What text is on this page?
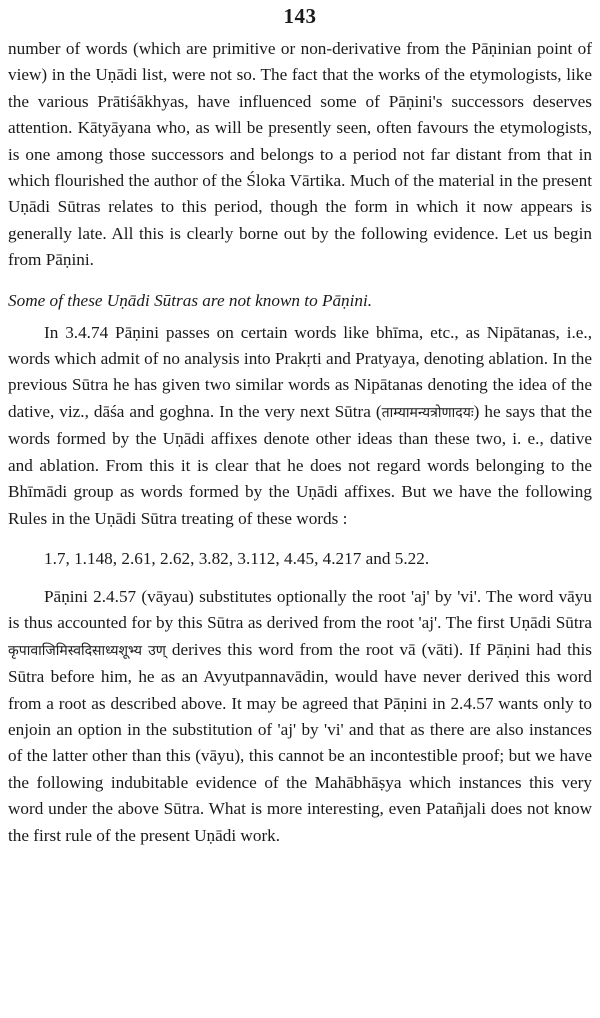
143

number of words (which are primitive or non-derivative from the Pāṇinian point of view) in the Uṇādi list, were not so. The fact that the works of the etymologists, like the various Prātiśākhyas, have influenced some of Pāṇini's successors deserves attention. Kātyāyana who, as will be presently seen, often favours the etymologists, is one among those successors and belongs to a period not far distant from that in which flourished the author of the Śloka Vārtika. Much of the material in the present Uṇādi Sūtras relates to this period, though the form in which it now appears is generally late. All this is clearly borne out by the following evidence. Let us begin from Pāṇini.

Some of these Uṇādi Sūtras are not known to Pāṇini.

In 3.4.74 Pāṇini passes on certain words like bhīma, etc., as Nipātanas, i.e., words which admit of no analysis into Prakṛti and Pratyaya, denoting ablation. In the previous Sūtra he has given two similar words as Nipātanas denoting the idea of the dative, viz., dāśa and goghna. In the very next Sūtra (ताम्यामन्यत्रोणादयः) he says that the words formed by the Uṇādi affixes denote other ideas than these two, i. e., dative and ablation. From this it is clear that he does not regard words belonging to the Bhīmādi group as words formed by the Uṇādi affixes. But we have the following Rules in the Uṇādi Sūtra treating of these words :

1.7, 1.148, 2.61, 2.62, 3.82, 3.112, 4.45, 4.217 and 5.22.

Pāṇini 2.4.57 (vāyau) substitutes optionally the root 'aj' by 'vi'. The word vāyu is thus accounted for by this Sūtra as derived from the root 'aj'. The first Uṇādi Sūtra कृपावाजिमिस्वदिसाध्यशूभ्य उण् derives this word from the root vā (vāti). If Pāṇini had this Sūtra before him, he as an Avyutpannavādin, would have never derived this word from a root as described above. It may be agreed that Pāṇini in 2.4.57 wants only to enjoin an option in the substitution of 'aj' by 'vi' and that as there are also instances of the latter other than this (vāyu), this cannot be an incontestible proof; but we have the following indubitable evidence of the Mahābhāṣya which instances this very word under the above Sūtra. What is more interesting, even Patañjali does not know the first rule of the present Uṇādi work.
